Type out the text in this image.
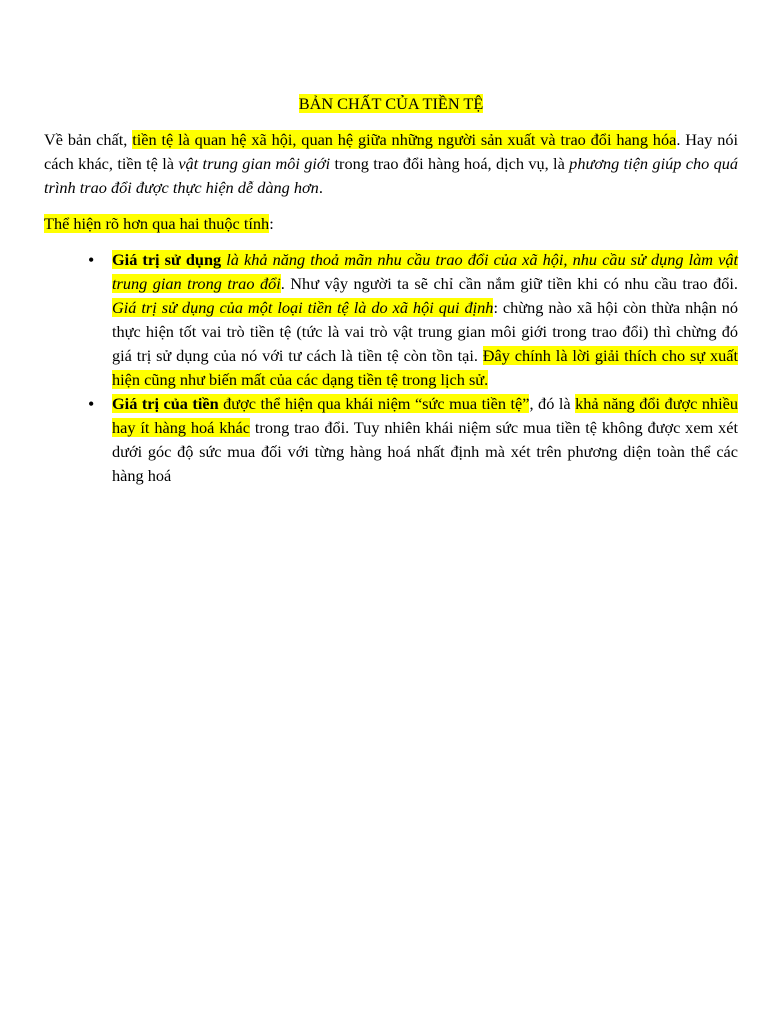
BẢN CHẤT CỦA TIỀN TỆ

Về bản chất, tiền tệ là quan hệ xã hội, quan hệ giữa những người sản xuất và trao đổi hang hóa. Hay nói cách khác, tiền tệ là vật trung gian môi giới trong trao đổi hàng hoá, dịch vụ, là phương tiện giúp cho quá trình trao đổi được thực hiện dễ dàng hơn.

Thể hiện rõ hơn qua hai thuộc tính:

• Giá trị sử dụng là khả năng thoả mãn nhu cầu trao đổi của xã hội, nhu cầu sử dụng làm vật trung gian trong trao đổi. Như vậy người ta sẽ chỉ cần nắm giữ tiền khi có nhu cầu trao đổi. Giá trị sử dụng của một loại tiền tệ là do xã hội qui định: chừng nào xã hội còn thừa nhận nó thực hiện tốt vai trò tiền tệ (tức là vai trò vật trung gian môi giới trong trao đổi) thì chừng đó giá trị sử dụng của nó với tư cách là tiền tệ còn tồn tại. Đây chính là lời giải thích cho sự xuất hiện cũng như biến mất của các dạng tiền tệ trong lịch sử.
• Giá trị của tiền được thể hiện qua khái niệm “sức mua tiền tệ”, đó là khả năng đổi được nhiều hay ít hàng hoá khác trong trao đổi. Tuy nhiên khái niệm sức mua tiền tệ không được xem xét dưới góc độ sức mua đối với từng hàng hoá nhất định mà xét trên phương diện toàn thể các hàng hoá
